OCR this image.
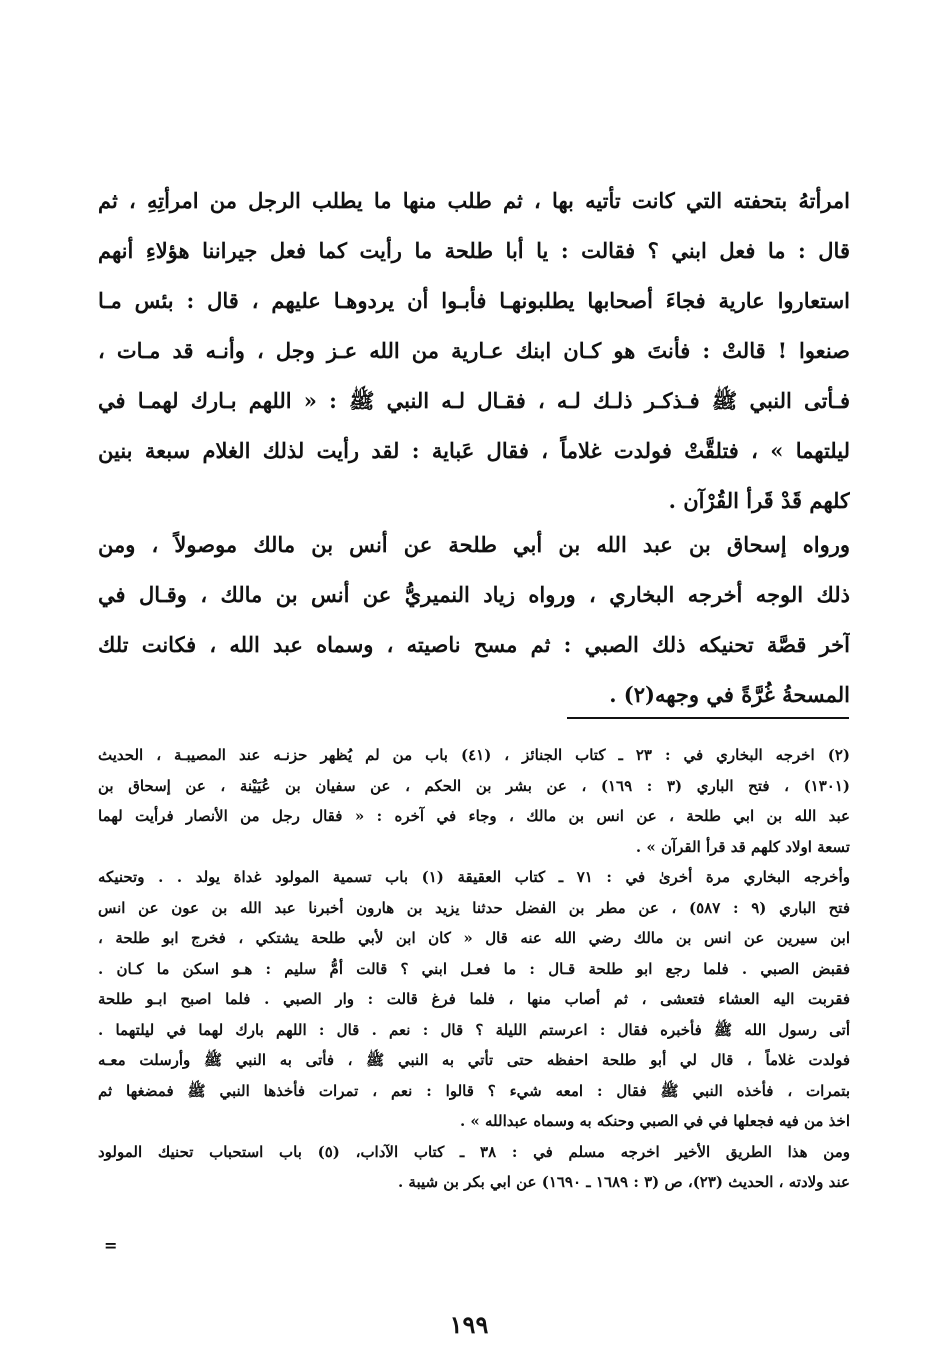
امرأتهُ بتحفته التي كانت تأتيه بها ، ثم طلب منها ما يطلب الرجل من امرأتِهِ ، ثم
قال : ما فعل ابني ؟ فقالت : يا أبا طلحة ما رأيت كما فعل جيراننا هؤلاءِ أنهم
استعاروا عارية فجاءَ أصحابها يطلبونهـا فأبـوا أن يردوهـا عليهم ، قال : بئس مـا
صنعوا ! قالتْ : فأنتَ هو كـان ابنك عـارية من الله عـز وجل ، وأنـه قد مـات ،
فـأتى النبي ﷺ فـذكـر ذلـك لـه ، فقـال لـه النبي ﷺ : « اللهم بـارك لهمـا في
ليلتهما » ، فتلقَّتْ فولدت غلاماً ، فقال عَباية : لقد رأيت لذلك الغلام سبعة بنين
كلهم قَدْ قَرأ القُرْآن .
ورواه إسحاق بن عبد الله بن أبي طلحة عن أنس بن مالك موصولاً ، ومن
ذلك الوجه أخرجه البخاري ، ورواه زياد النميريُّ عن أنس بن مالك ، وقـال في
آخر قصَّة تحنيكه ذلك الصبي : ثم مسح ناصيته ، وسماه عبد الله ، فكانت تلك
المسحةُ غُرَّةً في وجهه(٢) .
(٢) اخرجه البخاري في : ٢٣ ـ كتاب الجنائز ، (٤١) باب من لم يُظهر حزنـه عند المصيبـة ، الحديث
(١٣٠١) ، فتح الباري (٣ : ١٦٩) ، عن بشر بن الحكم ، عن سفيان بن عُيَيْنة ، عن إسحاق بن
عبد الله بن ابي طلحة ، عن انس بن مالك ، وجاء في آخره : « فقال رجل من الأنصار فرأيت لهما
تسعة اولاد كلهم قد قرأ القرآن » .
وأخرجه البخاري مرة أخرىٰ في : ٧١ ـ كتاب العقيقة (١) باب تسمية المولود غداة يولد . . وتحنيكه
فتح الباري (٩ : ٥٨٧) ، عن مطر بن الفضل حدثنا يزيد بن هارون أخبرنا عبد الله بن عون عن انس
ابن سيرين عن انس بن مالك رضي الله عنه قال « كان ابن لأبي طلحة يشتكي ، فخرج ابو طلحة ،
فقبض الصبي . فلما رجع ابو طلحة قـال : ما فعـل ابني ؟ قالت أمُّ سليم : هـو اسكن ما كـان .
فقربت اليه العشاء فتعشى ، ثم أصاب منها ، فلما فرغ قالت : وار الصبي . فلما اصبح ابـو طلحة
أتى رسول الله ﷺ فأخبره فقال : اعرستم الليلة ؟ قال : نعم . قال : اللهم بارك لهما في ليلتهما .
فولدت غلاماً ، قال لي أبو طلحة احفظه حتى تأتي به النبي ﷺ ، فأتى به النبي ﷺ وأرسلت معـه
بتمرات ، فأخذه النبي ﷺ فقال : امعه شيء ؟ قالوا : نعم ، تمرات فأخذها النبي ﷺ فمضغها ثم
اخذ من فيه فجعلها في في الصبي وحنكه به وسماه عبدالله » .
ومن هذا الطريق الأخير اخرجه مسلم في : ٣٨ ـ كتاب الآداب، (٥) باب استحباب تحنيك المولود
عند ولادته ، الحديث (٢٣)، ص (٣ : ١٦٨٩ ـ ١٦٩٠) عن ابي بكر بن شيبة .
=
١٩٩
